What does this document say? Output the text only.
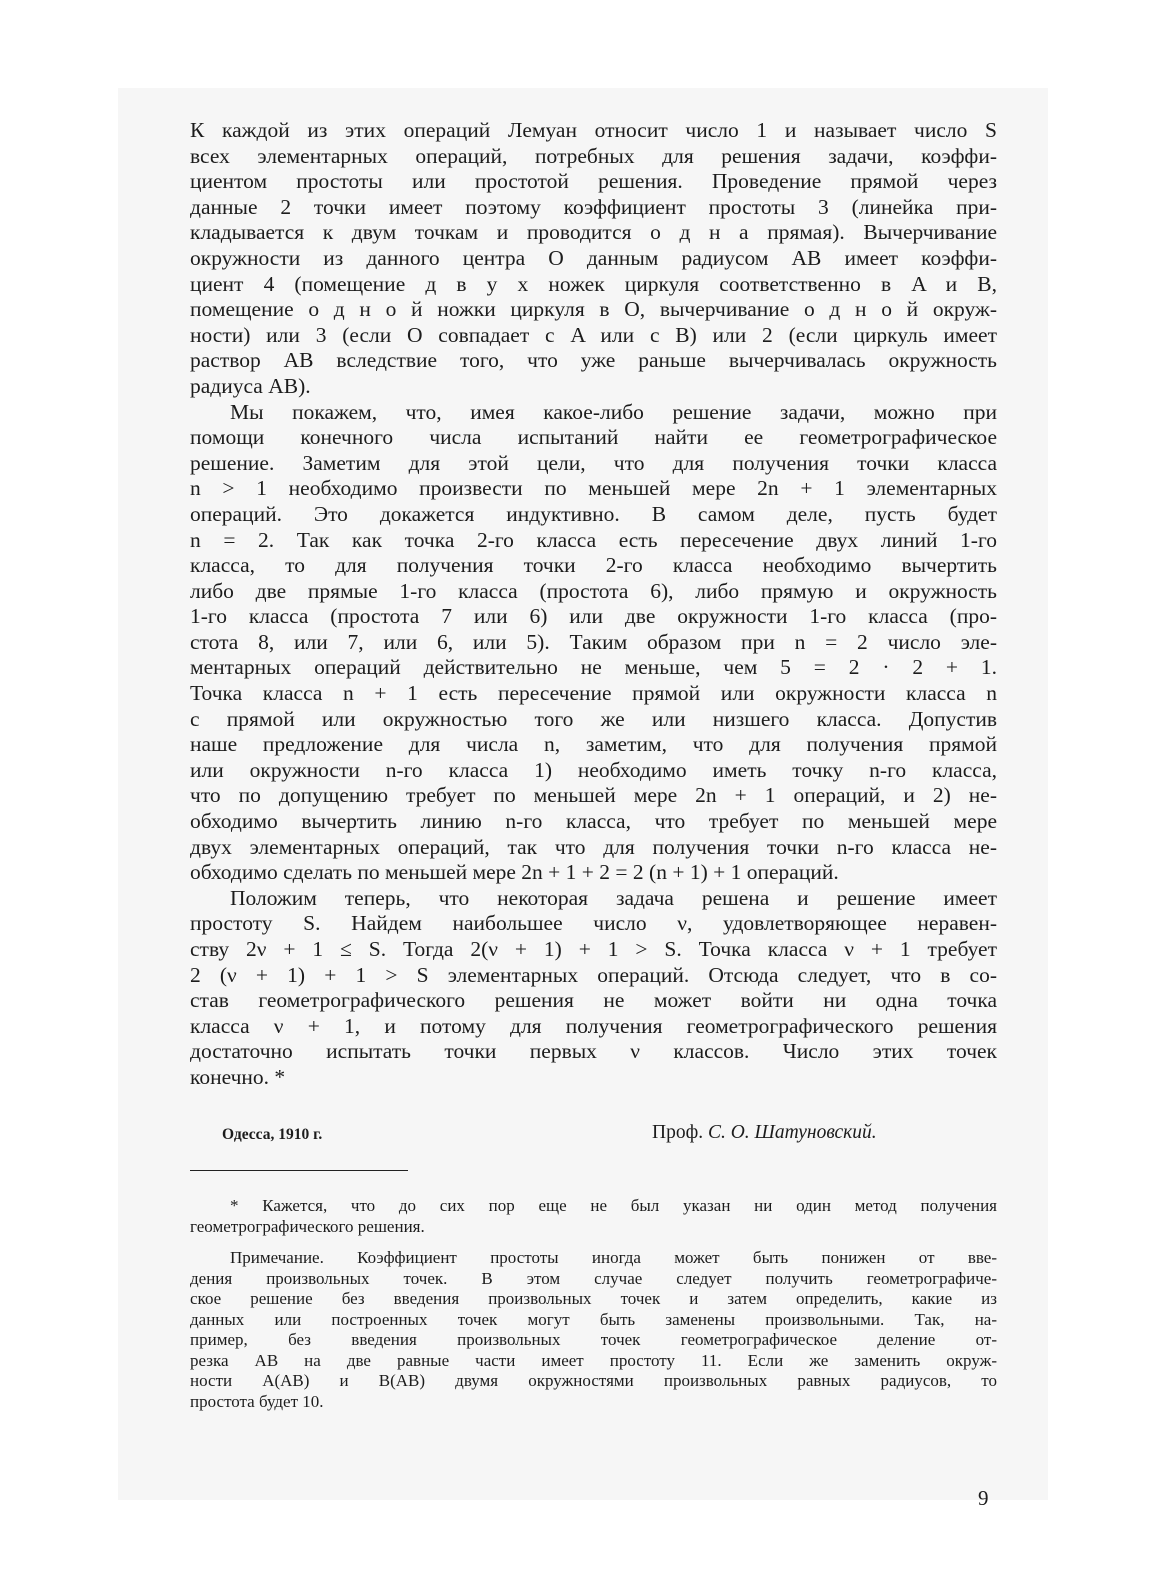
К каждой из этих операций Лемуан относит число 1 и называет число S
всех элементарных операций, потребных для решения задачи, коэффи-
циентом простоты или простотой решения. Проведение прямой через
данные 2 точки имеет поэтому коэффициент простоты 3 (линейка при-
кладывается к двум точкам и проводится о д н а прямая). Вычерчивание
окружности из данного центра O данным радиусом AB имеет коэффи-
циент 4 (помещение д в у х ножек циркуля соответственно в A и B,
помещение о д н о й ножки циркуля в O, вычерчивание о д н о й окруж-
ности) или 3 (если O совпадает с A или с B) или 2 (если циркуль имеет
раствор AB вследствие того, что уже раньше вычерчивалась окружность
радиуса AB).
Мы покажем, что, имея какое-либо решение задачи, можно при
помощи конечного числа испытаний найти ее геометрографическое
решение. Заметим для этой цели, что для получения точки класса
n > 1 необходимо произвести по меньшей мере 2n + 1 элементарных
операций. Это докажется индуктивно. В самом деле, пусть будет
n = 2. Так как точка 2-го класса есть пересечение двух линий 1-го
класса, то для получения точки 2-го класса необходимо вычертить
либо две прямые 1-го класса (простота 6), либо прямую и окружность
1-го класса (простота 7 или 6) или две окружности 1-го класса (про-
стота 8, или 7, или 6, или 5). Таким образом при n = 2 число эле-
ментарных операций действительно не меньше, чем 5 = 2 · 2 + 1.
Точка класса n + 1 есть пересечение прямой или окружности класса n
с прямой или окружностью того же или низшего класса. Допустив
наше предложение для числа n, заметим, что для получения прямой
или окружности n-го класса 1) необходимо иметь точку n-го класса,
что по допущению требует по меньшей мере 2n + 1 операций, и 2) не-
обходимо вычертить линию n-го класса, что требует по меньшей мере
двух элементарных операций, так что для получения точки n-го класса не-
обходимо сделать по меньшей мере 2n + 1 + 2 = 2 (n + 1) + 1 операций.
Положим теперь, что некоторая задача решена и решение имеет
простоту S. Найдем наибольшее число ν, удовлетворяющее неравен-
ству 2ν + 1 ≤ S. Тогда 2(ν + 1) + 1 > S. Точка класса ν + 1 требует
2 (ν + 1) + 1 > S элементарных операций. Отсюда следует, что в со-
став геометрографического решения не может войти ни одна точка
класса ν + 1, и потому для получения геометрографического решения
достаточно испытать точки первых ν классов. Число этих точек
конечно. *
Одесса, 1910 г.	Проф. С. О. Шатуновский.
* Кажется, что до сих пор еще не был указан ни один метод получения
геометрографического решения.
Примечание. Коэффициент простоты иногда может быть понижен от вве-
дения произвольных точек. В этом случае следует получить геометрографиче-
ское решение без введения произвольных точек и затем определить, какие из
данных или построенных точек могут быть заменены произвольными. Так, на-
пример, без введения произвольных точек геометрографическое деление от-
резка AB на две равные части имеет простоту 11. Если же заменить окруж-
ности A(AB) и B(AB) двумя окружностями произвольных равных радиусов, то
простота будет 10.
9
